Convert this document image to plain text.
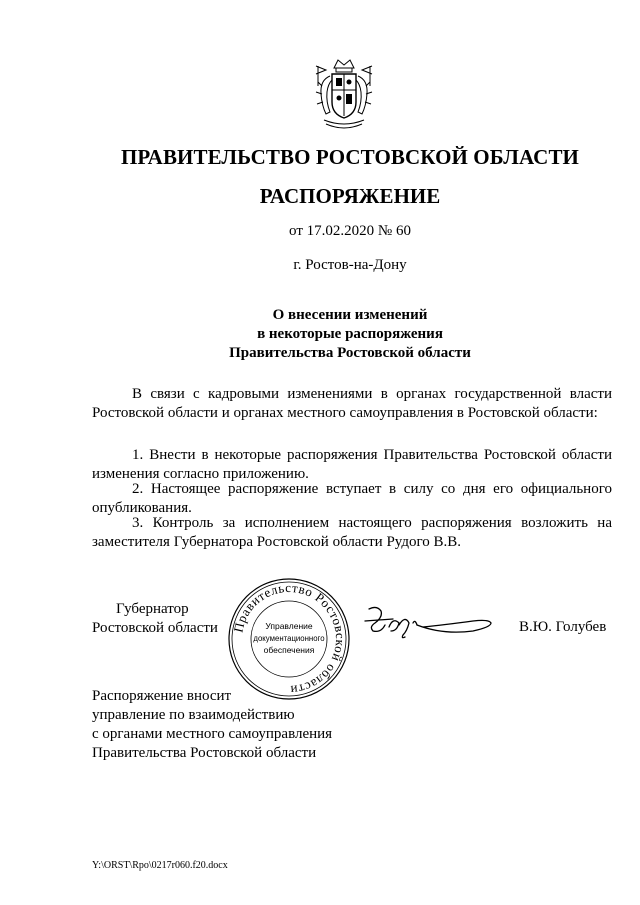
ПРАВИТЕЛЬСТВО РОСТОВСКОЙ ОБЛАСТИ
РАСПОРЯЖЕНИЕ
от 17.02.2020 № 60
г. Ростов-на-Дону
О внесении изменений
в некоторые распоряжения
Правительства Ростовской области
В связи с кадровыми изменениями в органах государственной власти Ростовской области и органах местного самоуправления в Ростовской области:
1. Внести в некоторые распоряжения Правительства Ростовской области изменения согласно приложению.
2. Настоящее распоряжение вступает в силу со дня его официального опубликования.
3. Контроль за исполнением настоящего распоряжения возложить на заместителя Губернатора Ростовской области Рудого В.В.
Губернатор
Ростовской области Правительство Ростовской области
Управление
документационного
обеспечения
В.Ю. Голубев
Распоряжение вносит
управление по взаимодействию
с органами местного самоуправления
Правительства Ростовской области
Y:\ORST\Rpo\0217r060.f20.docx
